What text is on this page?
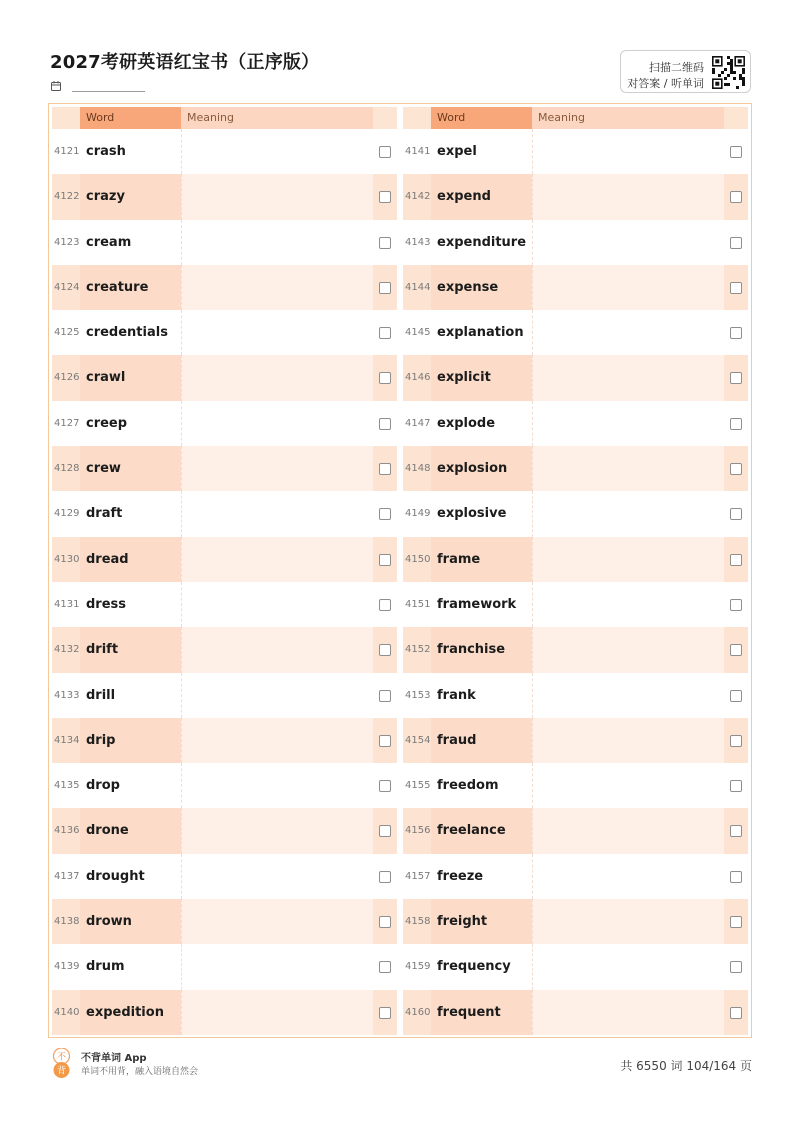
2027考研英语红宝书（正序版）	扫描二维码
对答案 / 听单词
Word	Meaning
4121 crash
4122 crazy
4123 cream
4124 creature
4125 credentials
4126 crawl
4127 creep
4128 crew
4129 draft
4130 dread
4131 dress
4132 drift
4133 drill
4134 drip
4135 drop
4136 drone
4137 drought
4138 drown
4139 drum
4140 expedition
Word	Meaning
4141 expel
4142 expend
4143 expenditure
4144 expense
4145 explanation
4146 explicit
4147 explode
4148 explosion
4149 explosive
4150 frame
4151 framework
4152 franchise
4153 frank
4154 fraud
4155 freedom
4156 freelance
4157 freeze
4158 freight
4159 frequency
4160 frequent
不
背
不背单词 App
单词不用背，融入语境自然会	共 6550 词 104/164 页
